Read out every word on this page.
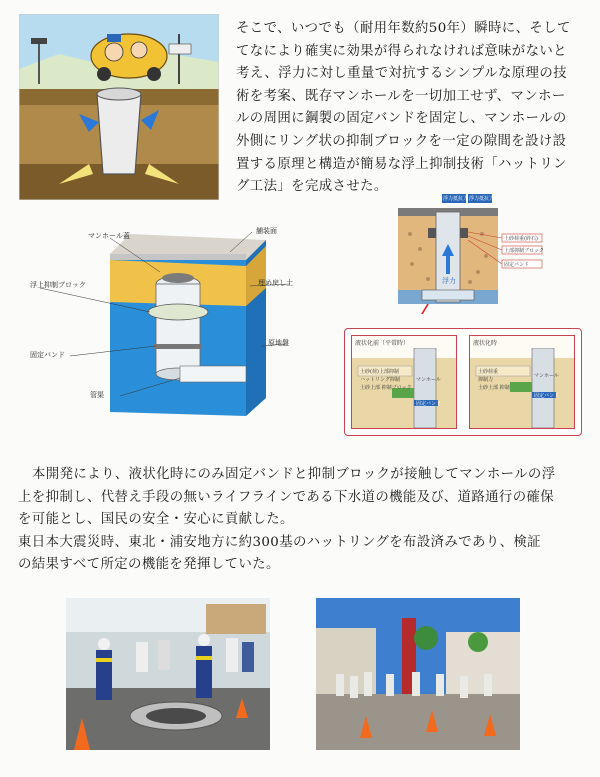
そこで、いつでも（耐用年数約50年）瞬時に、そして
てなにより確実に効果が得られなければ意味がないと
考え、浮力に対し重量で対抗するシンプルな原理の技
術を考案、既存マンホールを一切加工せず、マンホー
ルの周囲に鋼製の固定バンドを固定し、マンホールの
外側にリング状の抑制ブロックを一定の隙間を設け設
置する原理と構造が簡易な浮上抑制技術「ハットリン
グ工法」を完成させた。

浮力抵抗力 浮力抵抗力
浮力
土砂荷重(砕石)
上部抑制ブロック
固定バンド
マンホール蓋
舗装面
浮上抑制ブロック	埋め戻し土
固定バンド
原地盤
管渠
液状化前（平常時）
土砂(荷)上部抑制
ハットリング抑制
土砂上部 抑制ブロック
マンホール
固定バンド
液状化時
土砂荷重
抑制力
土砂上部 抑制
マンホール
固定バンド

本開発により、液状化時にのみ固定バンドと抑制ブロックが接触してマンホールの浮
上を抑制し、代替え手段の無いライフラインである下水道の機能及び、道路通行の確保
を可能とし、国民の安全・安心に貢献した。
東日本大震災時、東北・浦安地方に約300基のハットリングを布設済みであり、検証
の結果すべて所定の機能を発揮していた。
